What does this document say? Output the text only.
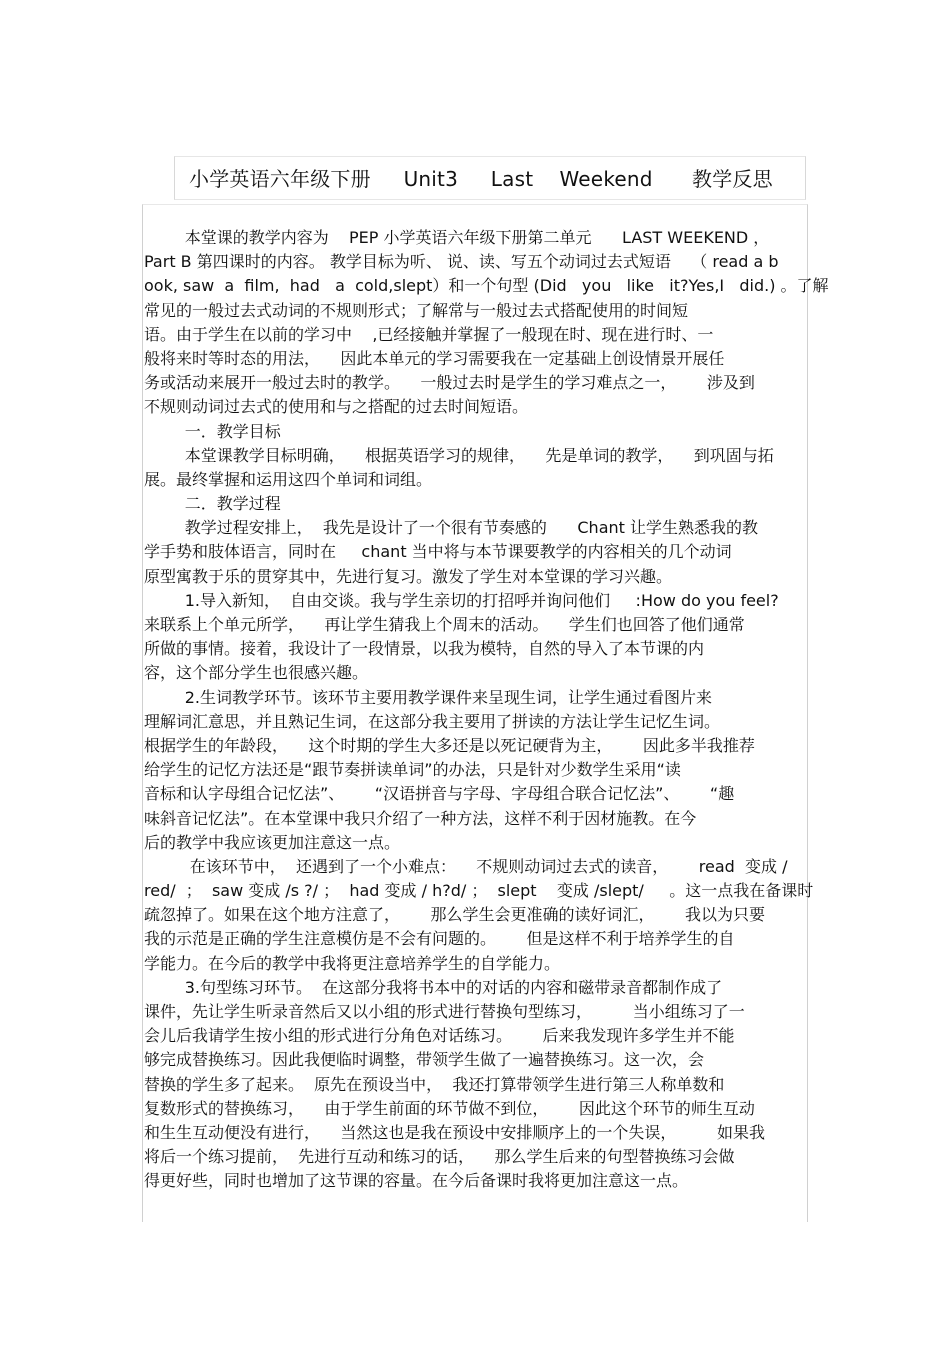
小学英语六年级下册     Unit3     Last    Weekend      教学反思
本堂课的教学内容为    PEP 小学英语六年级下册第二单元      LAST WEEKEND ，
Part B 第四课时的内容。 教学目标为听、 说、读、写五个动词过去式短语    （ read a b
ook, saw  a  film,  had   a  cold,slept）和一个句型 (Did   you   like   it?Yes,I   did.) 。了解
常见的一般过去式动词的不规则形式；了解常与一般过去式搭配使用的时间短
语。由于学生在以前的学习中    ,已经接触并掌握了一般现在时、现在进行时、一
般将来时等时态的用法，    因此本单元的学习需要我在一定基础上创设情景开展任
务或活动来展开一般过去时的教学。    一般过去时是学生的学习难点之一，      涉及到
不规则动词过去式的使用和与之搭配的过去时间短语。
一．教学目标
本堂课教学目标明确，    根据英语学习的规律，    先是单词的教学，    到巩固与拓
展。最终掌握和运用这四个单词和词组。
二．教学过程
教学过程安排上，  我先是设计了一个很有节奏感的      Chant 让学生熟悉我的教
学手势和肢体语言，同时在     chant 当中将与本节课要教学的内容相关的几个动词
原型寓教于乐的贯穿其中，先进行复习。激发了学生对本堂课的学习兴趣。
1.导入新知，  自由交谈。我与学生亲切的打招呼并询问他们     :How do you feel?
来联系上个单元所学，    再让学生猜我上个周末的活动。    学生们也回答了他们通常
所做的事情。接着，我设计了一段情景，以我为模特，自然的导入了本节课的内
容，这个部分学生也很感兴趣。
2.生词教学环节。该环节主要用教学课件来呈现生词，让学生通过看图片来
理解词汇意思，并且熟记生词，在这部分我主要用了拼读的方法让学生记忆生词。
根据学生的年龄段，    这个时期的学生大多还是以死记硬背为主，      因此多半我推荐
给学生的记忆方法还是“跟节奏拼读单词”的办法，只是针对少数学生采用“读
音标和认字母组合记忆法”、      “汉语拼音与字母、字母组合联合记忆法”、      “趣
味斜音记忆法”。在本堂课中我只介绍了一种方法，这样不利于因材施教。在今
后的教学中我应该更加注意这一点。
在该环节中，  还遇到了一个小难点：    不规则动词过去式的读音，      read  变成 /
red/  ；  saw 变成 /s ?/ ；  had 变成 / h?d/ ；  slept    变成 /slept/     。这一点我在备课时
疏忽掉了。如果在这个地方注意了，      那么学生会更准确的读好词汇，      我以为只要
我的示范是正确的学生注意模仿是不会有问题的。      但是这样不利于培养学生的自
学能力。在今后的教学中我将更注意培养学生的自学能力。
3.句型练习环节。  在这部分我将书本中的对话的内容和磁带录音都制作成了
课件，先让学生听录音然后又以小组的形式进行替换句型练习，        当小组练习了一
会儿后我请学生按小组的形式进行分角色对话练习。      后来我发现许多学生并不能
够完成替换练习。因此我便临时调整，带领学生做了一遍替换练习。这一次，会
替换的学生多了起来。  原先在预设当中，  我还打算带领学生进行第三人称单数和
复数形式的替换练习，    由于学生前面的环节做不到位，      因此这个环节的师生互动
和生生互动便没有进行，    当然这也是我在预设中安排顺序上的一个失误，        如果我
将后一个练习提前，  先进行互动和练习的话，    那么学生后来的句型替换练习会做
得更好些，同时也增加了这节课的容量。在今后备课时我将更加注意这一点。
